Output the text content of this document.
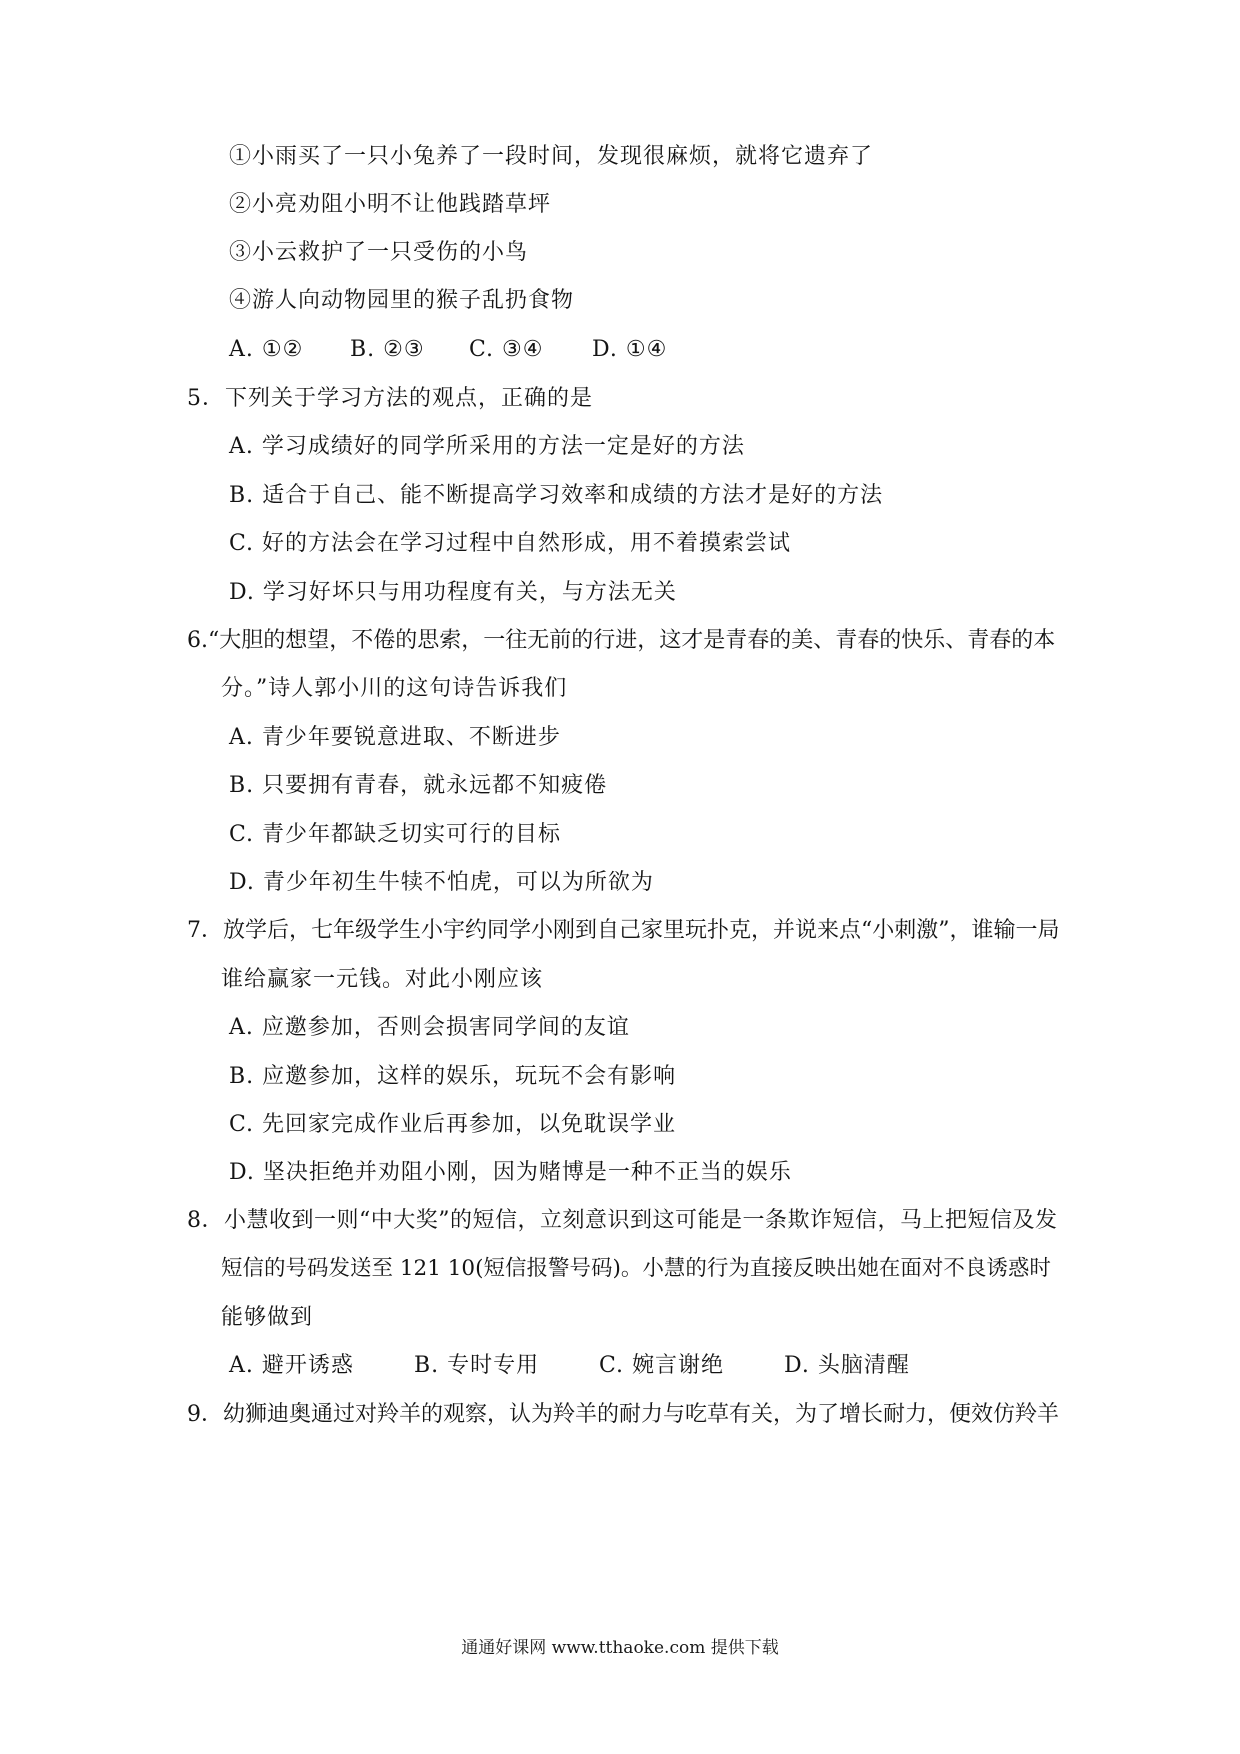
①小雨买了一只小兔养了一段时间，发现很麻烦，就将它遗弃了
②小亮劝阻小明不让他践踏草坪
③小云救护了一只受伤的小鸟
④游人向动物园里的猴子乱扔食物
A. ①② B. ②③ C. ③④ D. ①④
5．下列关于学习方法的观点，正确的是
A. 学习成绩好的同学所采用的方法一定是好的方法
B. 适合于自己、能不断提高学习效率和成绩的方法才是好的方法
C. 好的方法会在学习过程中自然形成，用不着摸索尝试
D. 学习好坏只与用功程度有关，与方法无关
6.“大胆的想望，不倦的思索，一往无前的行进，这才是青春的美、青春的快乐、青春的本
分。”诗人郭小川的这句诗告诉我们
A. 青少年要锐意进取、不断进步
B. 只要拥有青春，就永远都不知疲倦
C. 青少年都缺乏切实可行的目标
D. 青少年初生牛犊不怕虎，可以为所欲为
7．放学后，七年级学生小宇约同学小刚到自己家里玩扑克，并说来点“小刺激”，谁输一局
谁给赢家一元钱。对此小刚应该
A. 应邀参加，否则会损害同学间的友谊
B. 应邀参加，这样的娱乐，玩玩不会有影响
C. 先回家完成作业后再参加，以免耽误学业
D. 坚决拒绝并劝阻小刚，因为赌博是一种不正当的娱乐
8．小慧收到一则“中大奖”的短信，立刻意识到这可能是一条欺诈短信，马上把短信及发
短信的号码发送至 121 10(短信报警号码)。小慧的行为直接反映出她在面对不良诱惑时
能够做到
A. 避开诱惑	B. 专时专用	C. 婉言谢绝	D. 头脑清醒
9．幼狮迪奥通过对羚羊的观察，认为羚羊的耐力与吃草有关，为了增长耐力，便效仿羚羊
通通好课网 www.tthaoke.com 提供下载
